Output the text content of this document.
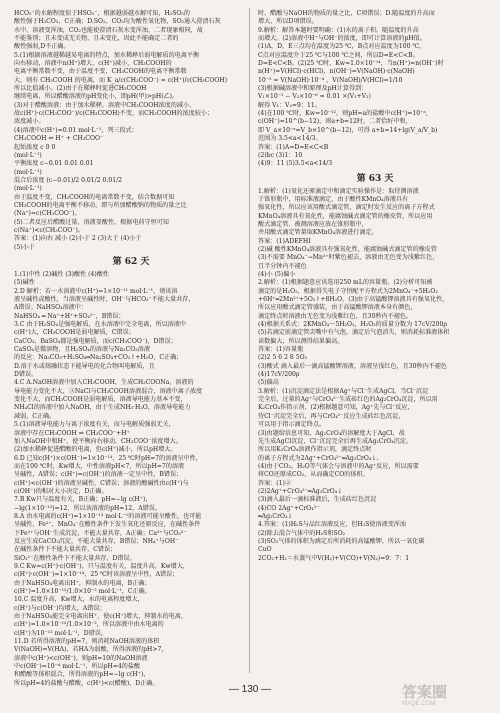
HCO₃⁻的水解程度很于HSO₃⁻，根据越弱越水解可知，H₂SO₃的
酸性强于H₂CO₃，C正确；D.SO₂、CO₂均为酸性氧化物，SO₂通入澄清石灰
水中，溶液变浑浊，CO₂也能使澄清石灰水变浑浊，二者现象相同，故
不能鉴别；且未变成无关物，且未变化，因此不能确定二者的
酸性强弱,D不正确。
5.(1)根据溶液越稀越易电离的特点，加水稀释后弱电解质的电离平衡
向右移动，溶液中n(H⁺)增大，c(H⁺)减小，CH₃COOH的
电离平衡常数不变，由于温度不变，CH₃COOH的电离平衡常数
大，则有 CH₃COOH 的电离，而 K_a/c(CH₃COO⁻) = c(H⁺)/c(CH₃COOH)
所以比值减小。(2)由于在稀释时促进CH₃COOH
继续电离，所以醋酸溶液的pH变化小，即pH(甲)>pH(乙)。
(3)对于醋酸溶液：由于加水稀释，溶液中CH₃COOH浓度的减小，
故c(H⁺)·c(CH₃COO⁻)/c(CH₃COOH)不变，而CH₃COOH的浓度较小；
浓度减小。
(4)溶液中c(H⁺)=0.01 mol·L⁻¹，列三段式：
CH₃COOH ⇌ H⁺ + CH₃COO⁻
起始浓度 c 0 0
(mol·L⁻¹)
平衡浓度 c−0.01 0.01 0.01
(mol·L⁻¹)
混合后浓度 (c−0.01)/2 0.01/2 0.01/2
(mol·L⁻¹)
由于温度不变，CH₃COOH的电离常数不变，结合数据可知
CH₃COOH的电离平衡不移动，即与所加醋酸钠的物质的量之比
(Na⁺)=c(CH₃COO⁻)。
(5)二者反应后醋酸过量，溶液显酸性，根据电荷守恒可知
c(Na⁺)<c(CH₃COO⁻)。
答案：(1)向右 减小 (2)小于 2 (3)大于 (4)小于
(5)小于
第 62 天
1.(1)中性 (2)碱性 (3)酸性 (4)酸性
(5)碱性
2.D 解析：若一水溶液中c(H⁺)=1×10⁻¹¹ mol·L⁻¹，则该溶
液呈碱性或酸性，当溶液呈碱性时，OH⁻与HCO₃⁻不能大量共存，
A错误；NaHSO₄溶液中：
NaHSO₄ ═ Na⁺+H⁺+SO₄²⁻，B错误；
3.C 由于H₂SO₄是强电解质，在水溶液中完全电离，所以溶液中
c(H⁺)大，CH₃COOH是弱电解质，C错误；
CaCO₃、BaSO₄都是强电解质，而c(CH₃COO⁻)，D错误；
CaSO₄是微溶物，且H₂SO₄的溶液与Na₂CO₃溶液
的反应：Na₂CO₃+H₂SO₄═Na₂SO₄+CO₂↑+H₂O，C正确；
D.溶于水或熔融状态下能导电的化合物叫电解质，且
D错误。
4.C A.NaOH溶液中加入CH₃COOH，生成CH₃COONa，溶液的
导电能力变化不大，③NaCl与CH₃COOH溶液混合，溶液中离子浓度
变化不大，而CH₃COOH是弱电解质，溶液导电能力基本不变，
NH₄Cl的溶液中加入NaOH，由于生成NH₃·H₂O，溶液导电能力
减弱，C正确。
5.(1)溶液导电能力与离子浓度有关，而与电解质强弱无关，
溶液中存在CH₃COOH ⇌ CH₃COO⁻+H⁺
加入NaOH中和H⁺，使平衡向右移动，CH₃COO⁻浓度增大。
(2)加水稀释促进醋酸的电离，但c(H⁺)减小，所以pH增大。
6.D 已知c(H⁺)×c(OH⁻)=1×10⁻¹⁴，25 ℃时pH=7的溶液呈中性，
而在100 ℃时，Kw增大，中性溶液pH<7，所以pH=7的溶液
呈碱性，A错误；c(H⁺)=c(OH⁻)的溶液一定呈中性，B错误；
c(H⁺)<c(OH⁻)的溶液呈碱性，C错误；溶液的酸碱性由c(H⁺)与
c(OH⁻)的相对大小决定，D正确。
7.B Kw只与温度有关，B正确；pH=−lg c(H⁺)，
−lg(1×10⁻¹²)=12，所以该溶液的pH=12，A错误。
8.A 由水电离的c(H⁺)=1×10⁻¹³ mol·L⁻¹的溶液可能呈酸性，也可能
呈碱性，Fe²⁺、MnO₄⁻在酸性条件下发生氧化还原反应，在碱性条件
下Fe²⁺与OH⁻生成沉淀，不能大量共存，A正确；Ca²⁺与CO₃²⁻
反应生成CaCO₃沉淀，不能大量共存，B错误；NH₄⁺与OH⁻
在碱性条件下不能大量共存，C错误；
SiO₃²⁻在酸性条件下不能大量共存，D错误。
9.C Kw=c(H⁺)·c(OH⁻)，只与温度有关，温度升高，Kw增大，
c(H⁺)·c(OH⁻)=1×10⁻¹⁴，25 ℃时该溶液呈中性，A错误；
由于NaHSO₄电离出H⁺，抑制水的电离，B正确；
c(H⁺)=1.0×10⁻¹²/1.0×10⁻² mol·L⁻¹，C正确。
10.C 温度升高，Kw增大，水的电离程度增大，
c(H⁺)与c(OH⁻)均增大，A错误；
由于NaHSO₄能完全电离出H⁺，使c(H⁺)增大，抑制水的电离，
c(H⁺)=1.0×10⁻¹²/1.0×10⁻²，所以溶液中由水电离的
c(H⁺)为10⁻¹² mol·L⁻¹，D错误。
11.D 若所得溶液的pH=7，则消耗NaOH溶液的体积
V(NaOH)=V(HA)，若HA为弱酸，所得溶液的pH>7，
溶液中c(H⁺)<c(OH⁻)，则pH=10的NaOH溶液
中c(OH⁻)=10⁻⁴ mol·L⁻¹，所以pH=4的盐酸
和醋酸等体积混合，所得溶液的pH=−lg c(H⁺)，
所以pH=4的盐酸与醋酸，c(H⁺)<c(醋酸)，D正确。
时，醋酸与NaOH的物质的量之比，C项错误；D.随温度的升高而
增大，所以D项错误。
9.解析：解答本题时要明确：(1)水的离子积。随温度的升高
而增大。(2)溶液中H⁺与OH⁻的浓度，即可计算溶液的pH值。
(1)A，D，E三点均在温度为25 ℃，B点对应温度为100 ℃，
C点对应温度介于25 ℃与100 ℃之间，所以D=E<C<B。
D=E<C<B。(2)25 ℃时，Kw=1.0×10⁻¹⁴，当n(H⁺)=n(OH⁻)时
n(H⁺)=V(HCl)·c(HCl)，n(OH⁻)=V(NaOH)·c(NaOH)
10⁻⁵ = V(NaOH)·10⁻⁴ ，V(NaOH)/V(HCl)=1/10
(3)根据碱溶液中和原理及pH计算得到：
V₁×10⁻¹ − V₂×10⁻⁶ = 0.01 ×(V₁+V₂)
解得 V₁：V₂=9：11。
(4)在100 ℃时，Kw=10⁻¹²，则pH=a的盐酸中c(H⁺)=10⁻ᵃ，
c(OH⁻)=10^(b−12)，则a+b=12时，二者恰好中和，
即 V_a×10⁻ᵃ=V_b×10^(b−12)，可得 a+b=14+lg(V_a/V_b)
范围为 3.5<a<14/3。
答案：(1)A=D=E<C<B
(2)bc (3)1：10
(4)9：11 (5)3.5<a<14/3
第 63 天
1.解析：(1)氧化还原滴定中和滴定实验操作是：取待测溶液
于锥形瓶中，用标准液滴定，由于酸性KMnO₄溶液具有
强氧化性，所以应该用酸式滴定管，滴定时发生反应的离子方程式
KMnO₄溶液具有氧化性，能腐蚀碱式滴定管的橡皮管，所以应用
酸式滴定管，被测溶液应放在锥形瓶中，
并用酸式滴定管量取KMnO₄溶液进行滴定。
答案：(1)ADEFHI
(2)碱 酸性KMnO₄溶液具有强氧化性，能腐蚀碱式滴定管的橡皮管
(3)不需要 MnO₄⁻→Mn²⁺时紫色褪去，溶液由无色变为浅紫红色，
且半分钟内不褪色
(4)小 (5)偏小
2.解析：(1)根据题意应该选用250 mL的容量瓶。(2)分析可知被
滴定的是H₂O₂，根据得失电子守恒配平方程式为2MnO₄⁻+5H₂O₂
+6H⁺═2Mn²⁺+5O₂↑+8H₂O。(3)由于高锰酸钾溶液具有强氧化性，
所以应用酸式滴定管盛装，由于高锰酸钾溶液本身有颜色，
滴定终点时溶液由无色变为浅紫红色，且30秒内不褪色。
(4)根据关系式：2KMnO₄～5H₂O₂，H₂O₂的质量分数为 17cV/200ρ
(5)若滴定前滴定管尖嘴中有气泡，滴定后气泡消失，则消耗标准液体积
读数偏大，所以测得结果偏高。
答案：(1)容量瓶
(2)2 5 6 2 8 5O₂
(3)酸式 滴入最后一滴高锰酸钾溶液，溶液呈浅红色，且30秒内不褪色
(4)17cV/200ρ
(5)偏高
3.解析：(1)沉淀滴定法是根据Ag⁺与Cl⁻生成AgCl，当Cl⁻沉淀
完全后，过量的Ag⁺与CrO₄²⁻生成砖红色的Ag₂CrO₄沉淀，所以用
K₂CrO₄作指示剂，(2)根据题意可知，Ag⁺先与Cl⁻反应，
待Cl⁻沉淀完全后，再与CrO₄²⁻反应生成砖红色沉淀，
可以用于指示滴定终点。
(3)由题给信息可知，Ag₂CrO₄的溶解度大于AgCl，故
先生成AgCl沉淀，Cl⁻沉淀完全后再生成Ag₂CrO₄沉淀。
所以用K₂CrO₄溶液作指示剂，滴定终点时
的离子方程式为2Ag⁺+CrO₄²⁻═Ag₂CrO₄↓。
(4)由于CO₂、H₂O等气体会与溶液中的Ag⁺反应，所以需要
将CO还原成CO₂，从而确定CO的体积。
答案：(1)②
(2)2Ag⁺+CrO₄²⁻═Ag₂CrO₄↓
(3)滴入最后一滴标准液后，生成砖红色沉淀
(4)CO 2Ag⁺+CrO₄²⁻
═Ag₂CrO₄↓
4.答案：(1)H₂S与品红溶液反应，但H₂S使溶液变浑浊
(2)除去混合气体中的H₂S和SO₂
(3)SO₂气体的体积为滴定后所消耗的高锰酸钾，所以一氧化碳
CuO
2CO₂+H₂＝水蒸气中V(H₂)+V(CO)+V(N₂)=9：7：1
— 130 —	答案圈
MXQE.COM
